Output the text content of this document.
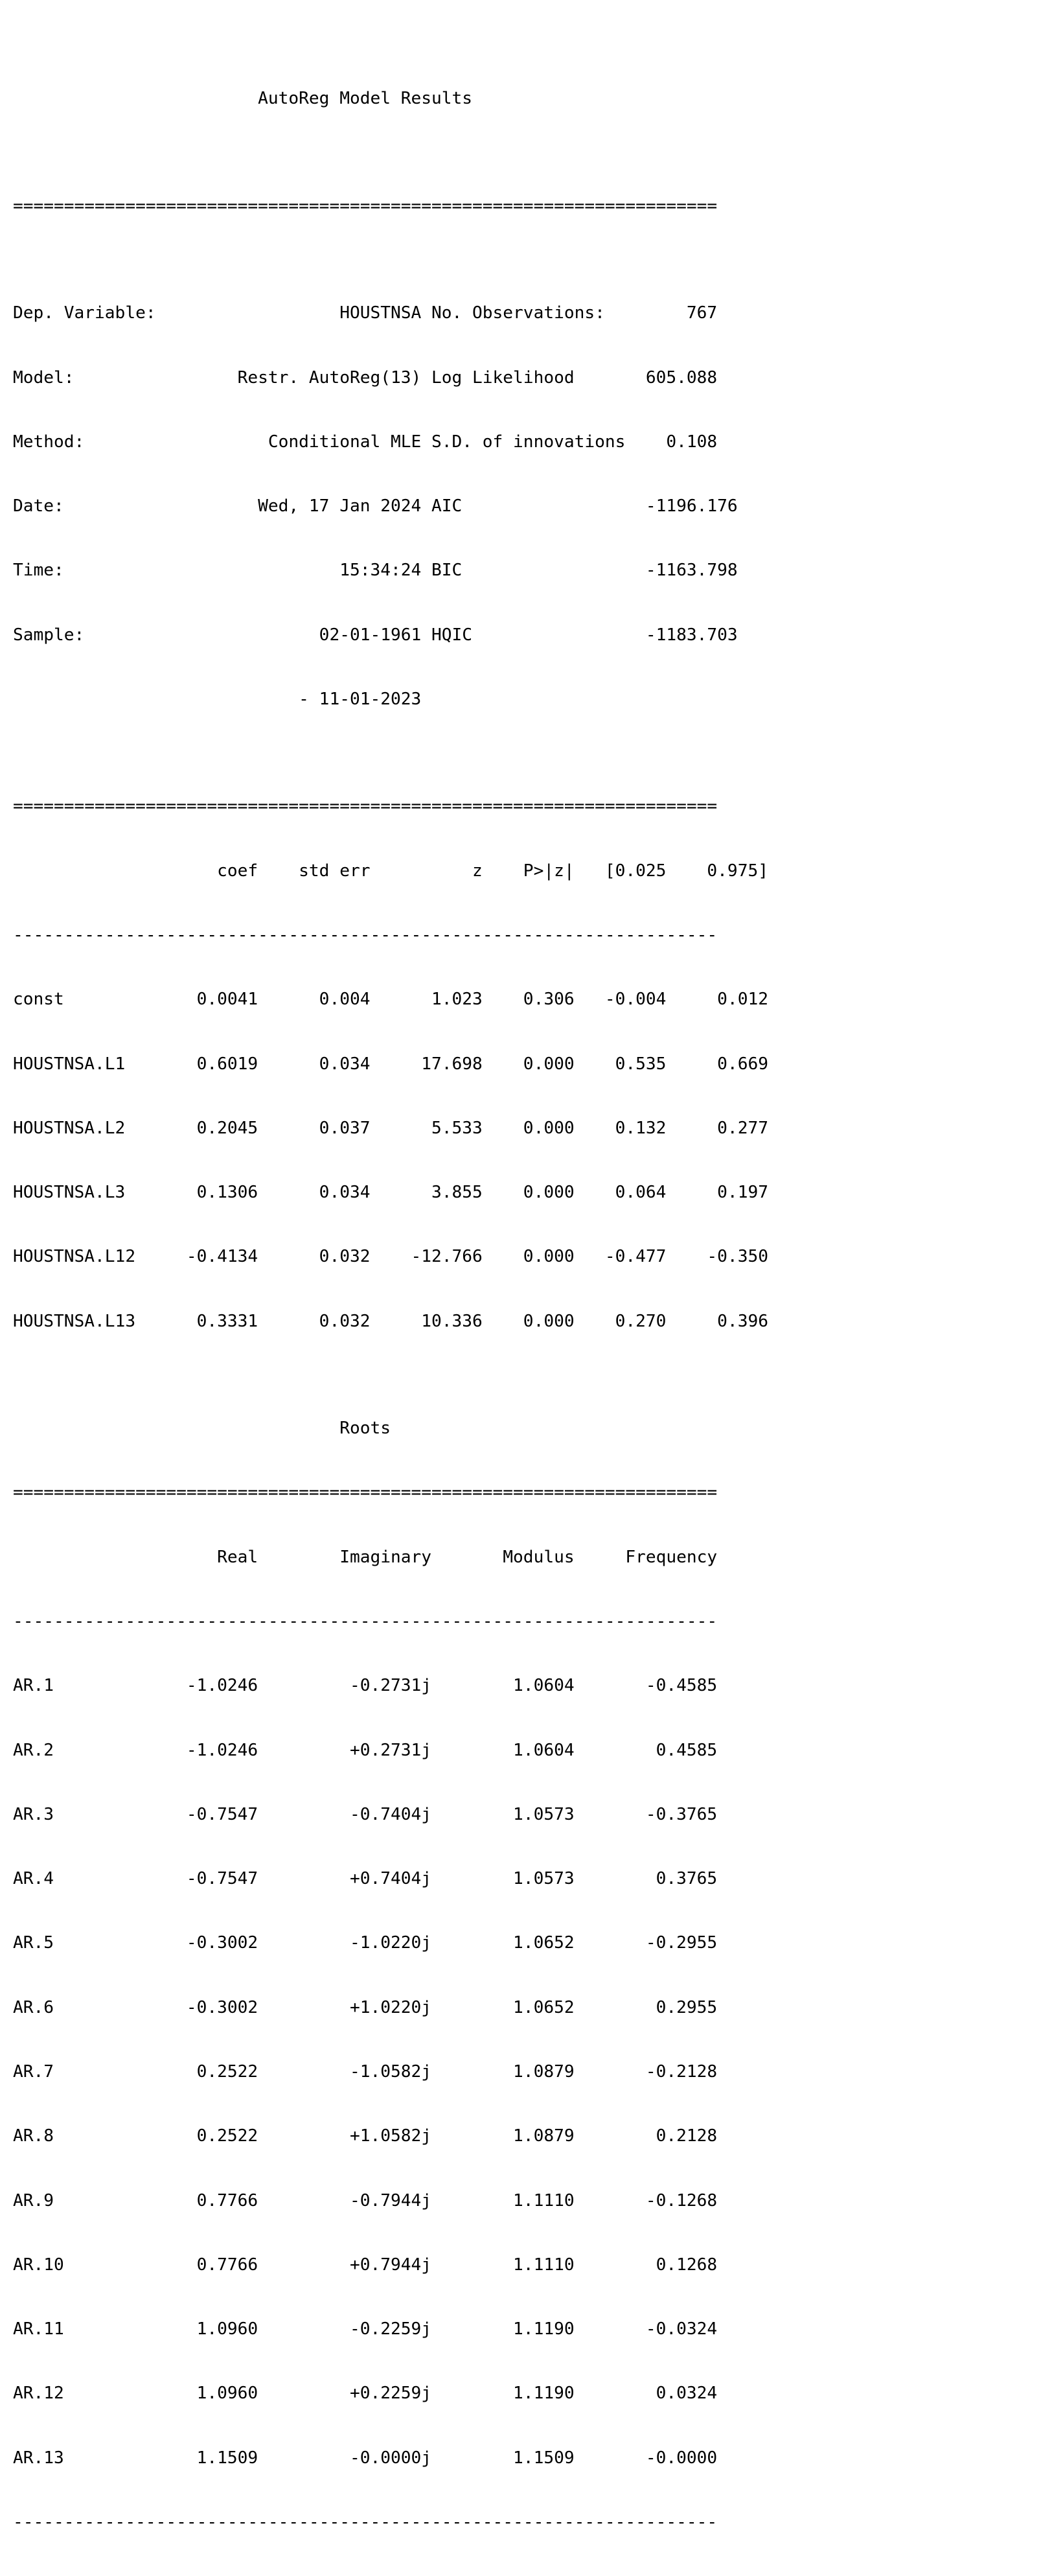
AutoReg Model Results

=====================================================================

Dep. Variable:                  HOUSTNSA No. Observations:        767

Model:                Restr. AutoReg(13) Log Likelihood       605.088

Method:                  Conditional MLE S.D. of innovations    0.108

Date:                   Wed, 17 Jan 2024 AIC                  -1196.176

Time:                           15:34:24 BIC                  -1163.798

Sample:                       02-01-1961 HQIC                 -1183.703

- 11-01-2023

=====================================================================

coef    std err          z    P>|z|   [0.025    0.975]

---------------------------------------------------------------------

const             0.0041      0.004      1.023    0.306   -0.004     0.012

HOUSTNSA.L1       0.6019      0.034     17.698    0.000    0.535     0.669

HOUSTNSA.L2       0.2045      0.037      5.533    0.000    0.132     0.277

HOUSTNSA.L3       0.1306      0.034      3.855    0.000    0.064     0.197

HOUSTNSA.L12     -0.4134      0.032    -12.766    0.000   -0.477    -0.350

HOUSTNSA.L13      0.3331      0.032     10.336    0.000    0.270     0.396

Roots

=====================================================================

Real        Imaginary       Modulus     Frequency

---------------------------------------------------------------------

AR.1             -1.0246         -0.2731j        1.0604       -0.4585

AR.2             -1.0246         +0.2731j        1.0604        0.4585

AR.3             -0.7547         -0.7404j        1.0573       -0.3765

AR.4             -0.7547         +0.7404j        1.0573        0.3765

AR.5             -0.3002         -1.0220j        1.0652       -0.2955

AR.6             -0.3002         +1.0220j        1.0652        0.2955

AR.7              0.2522         -1.0582j        1.0879       -0.2128

AR.8              0.2522         +1.0582j        1.0879        0.2128

AR.9              0.7766         -0.7944j        1.1110       -0.1268

AR.10             0.7766         +0.7944j        1.1110        0.1268

AR.11             1.0960         -0.2259j        1.1190       -0.0324

AR.12             1.0960         +0.2259j        1.1190        0.0324

AR.13             1.1509         -0.0000j        1.1509       -0.0000

---------------------------------------------------------------------
